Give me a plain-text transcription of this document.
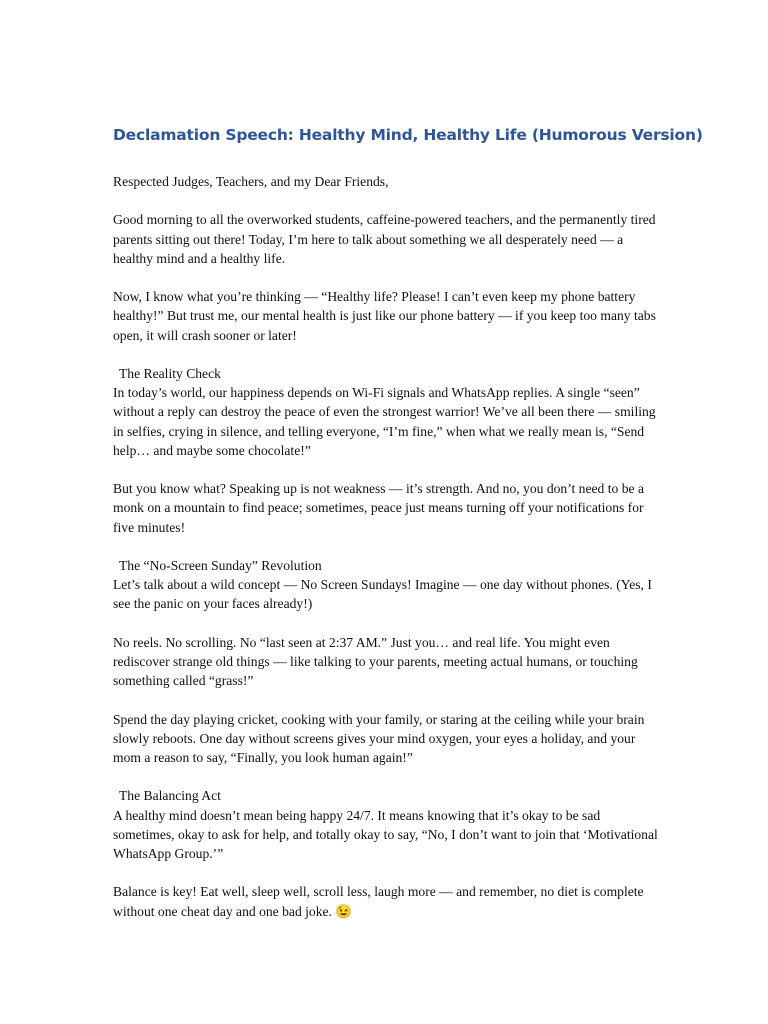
Declamation Speech: Healthy Mind, Healthy Life (Humorous Version)

Respected Judges, Teachers, and my Dear Friends,

Good morning to all the overworked students, caffeine-powered teachers, and the permanently tired parents sitting out there! Today, I’m here to talk about something we all desperately need — a healthy mind and a healthy life.

Now, I know what you’re thinking — “Healthy life? Please! I can’t even keep my phone battery healthy!” But trust me, our mental health is just like our phone battery — if you keep too many tabs open, it will crash sooner or later!

The Reality Check
In today’s world, our happiness depends on Wi-Fi signals and WhatsApp replies. A single “seen” without a reply can destroy the peace of even the strongest warrior! We’ve all been there — smiling in selfies, crying in silence, and telling everyone, “I’m fine,” when what we really mean is, “Send help… and maybe some chocolate!”

But you know what? Speaking up is not weakness — it’s strength. And no, you don’t need to be a monk on a mountain to find peace; sometimes, peace just means turning off your notifications for five minutes!

The “No-Screen Sunday” Revolution
Let’s talk about a wild concept — No Screen Sundays! Imagine — one day without phones. (Yes, I see the panic on your faces already!)

No reels. No scrolling. No “last seen at 2:37 AM.” Just you… and real life. You might even rediscover strange old things — like talking to your parents, meeting actual humans, or touching something called “grass!”

Spend the day playing cricket, cooking with your family, or staring at the ceiling while your brain slowly reboots. One day without screens gives your mind oxygen, your eyes a holiday, and your mom a reason to say, “Finally, you look human again!”

The Balancing Act
A healthy mind doesn’t mean being happy 24/7. It means knowing that it’s okay to be sad sometimes, okay to ask for help, and totally okay to say, “No, I don’t want to join that ‘Motivational WhatsApp Group.’”

Balance is key! Eat well, sleep well, scroll less, laugh more — and remember, no diet is complete without one cheat day and one bad joke. 😉
